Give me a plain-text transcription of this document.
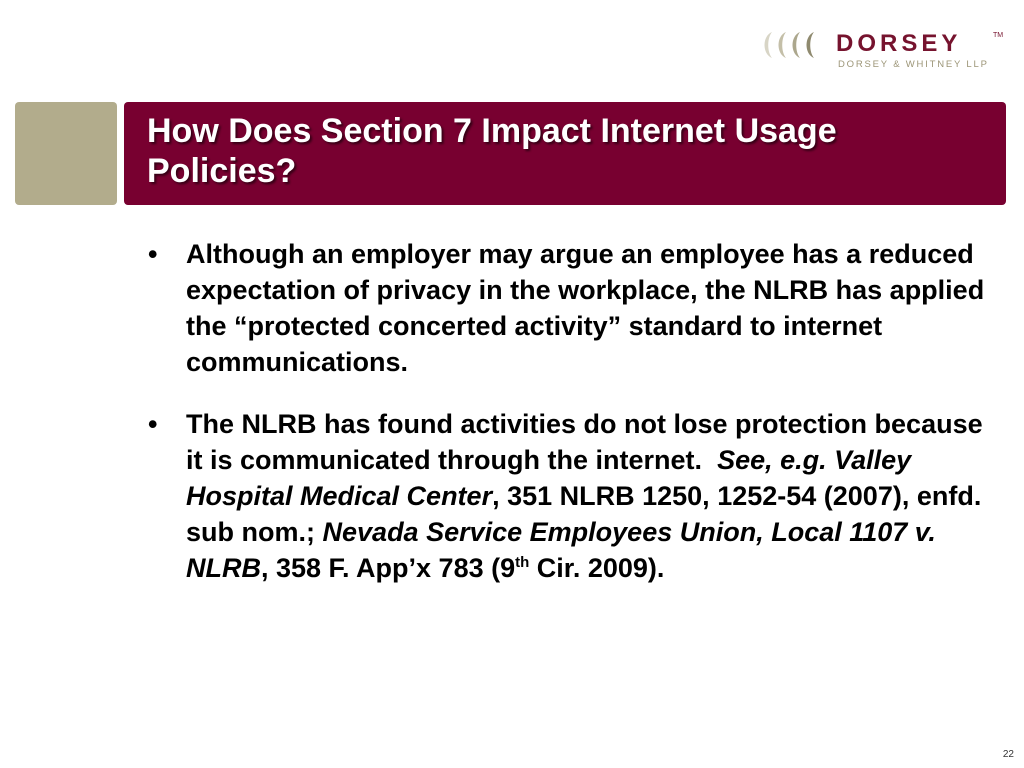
DORSEY	TM
DORSEY & WHITNEY LLP
How Does Section 7 Impact Internet Usage Policies?
• Although an employer may argue an employee has a reduced expectation of privacy in the workplace, the NLRB has applied the “protected concerted activity” standard to internet communications.
• The NLRB has found activities do not lose protection because it is communicated through the internet. See, e.g. Valley Hospital Medical Center, 351 NLRB 1250, 1252-54 (2007), enfd. sub nom.; Nevada Service Employees Union, Local 1107 v. NLRB, 358 F. App’x 783 (9th Cir. 2009).
22
